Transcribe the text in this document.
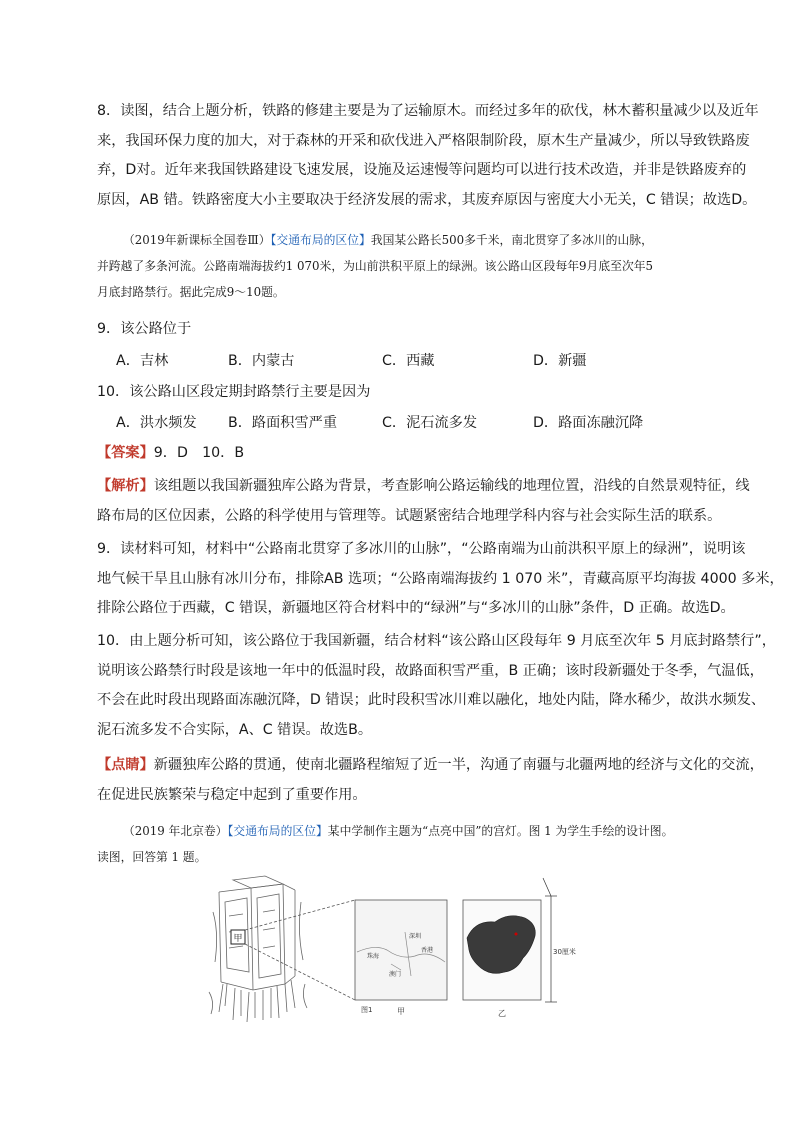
8．读图，结合上题分析，铁路的修建主要是为了运输原木。而经过多年的砍伐，林木蓄积量减少以及近年
来，我国环保力度的加大，对于森林的开采和砍伐进入严格限制阶段，原木生产量减少，所以导致铁路废
弃，D对。近年来我国铁路建设飞速发展，设施及运速慢等问题均可以进行技术改造，并非是铁路废弃的
原因，AB 错。铁路密度大小主要取决于经济发展的需求，其废弃原因与密度大小无关，C 错误；故选D。
（2019年新课标全国卷Ⅲ）【交通布局的区位】我国某公路长500多千米，南北贯穿了多冰川的山脉，
并跨越了多条河流。公路南端海拔约1 070米，为山前洪积平原上的绿洲。该公路山区段每年9月底至次年5
月底封路禁行。据此完成9～10题。

9．该公路位于

A．吉林	B．内蒙古	C．西藏	D．新疆

10．该公路山区段定期封路禁行主要是因为

A．洪水频发 B．路面积雪严重	C．泥石流多发	D．路面冻融沉降

【答案】9．D　10．B

【解析】该组题以我国新疆独库公路为背景，考查影响公路运输线的地理位置，沿线的自然景观特征，线
路布局的区位因素，公路的科学使用与管理等。试题紧密结合地理学科内容与社会实际生活的联系。
9．读材料可知，材料中“公路南北贯穿了多冰川的山脉”，“公路南端为山前洪积平原上的绿洲”，说明该
地气候干旱且山脉有冰川分布，排除AB 选项；“公路南端海拔约 1 070 米”，青藏高原平均海拔 4000 多米，
排除公路位于西藏，C 错误，新疆地区符合材料中的“绿洲”与“多冰川的山脉”条件，D 正确。故选D。
10．由上题分析可知，该公路位于我国新疆，结合材料“该公路山区段每年 9 月底至次年 5 月底封路禁行”，
说明该公路禁行时段是该地一年中的低温时段，故路面积雪严重，B 正确；该时段新疆处于冬季，气温低，
不会在此时段出现路面冻融沉降，D 错误；此时段积雪冰川难以融化，地处内陆，降水稀少，故洪水频发、
泥石流多发不合实际，A、C 错误。故选B。
【点睛】新疆独库公路的贯通，使南北疆路程缩短了近一半，沟通了南疆与北疆两地的经济与文化的交流，
在促进民族繁荣与稳定中起到了重要作用。
（2019 年北京卷）【交通布局的区位】某中学制作主题为“点亮中国”的宫灯。图 1 为学生手绘的设计图。
读图，回答第 1 题。
甲	深圳
香港
澳门
珠海
图1	甲	乙
30厘米
